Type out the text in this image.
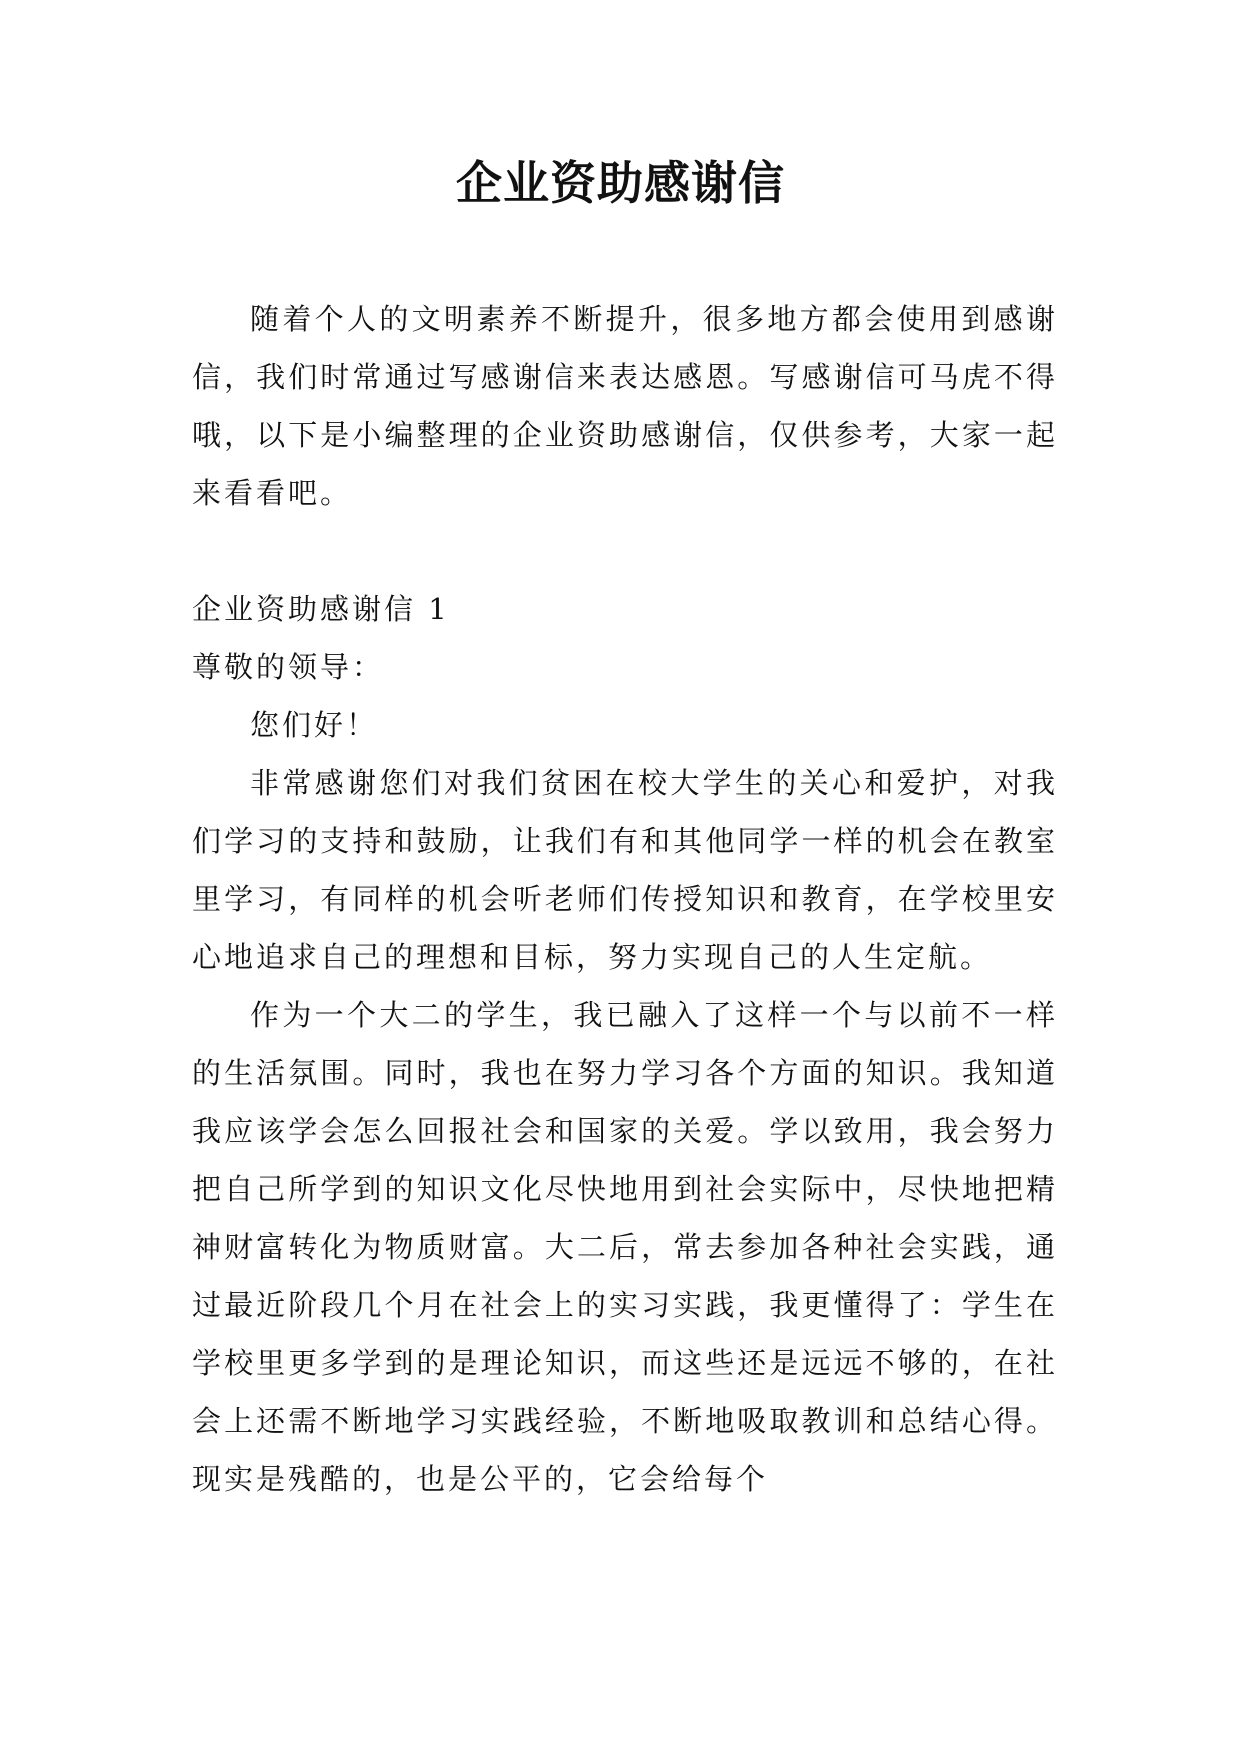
企业资助感谢信

随着个人的文明素养不断提升，很多地方都会使用到感谢信，我们时常通过写感谢信来表达感恩。写感谢信可马虎不得哦，以下是小编整理的企业资助感谢信，仅供参考，大家一起来看看吧。

企业资助感谢信 1

尊敬的领导：

您们好！

非常感谢您们对我们贫困在校大学生的关心和爱护，对我们学习的支持和鼓励，让我们有和其他同学一样的机会在教室里学习，有同样的机会听老师们传授知识和教育，在学校里安心地追求自己的理想和目标，努力实现自己的人生定航。

作为一个大二的学生，我已融入了这样一个与以前不一样的生活氛围。同时，我也在努力学习各个方面的知识。我知道我应该学会怎么回报社会和国家的关爱。学以致用，我会努力把自己所学到的知识文化尽快地用到社会实际中，尽快地把精神财富转化为物质财富。大二后，常去参加各种社会实践，通过最近阶段几个月在社会上的实习实践，我更懂得了：学生在学校里更多学到的是理论知识，而这些还是远远不够的，在社会上还需不断地学习实践经验，不断地吸取教训和总结心得。现实是残酷的，也是公平的，它会给每个
